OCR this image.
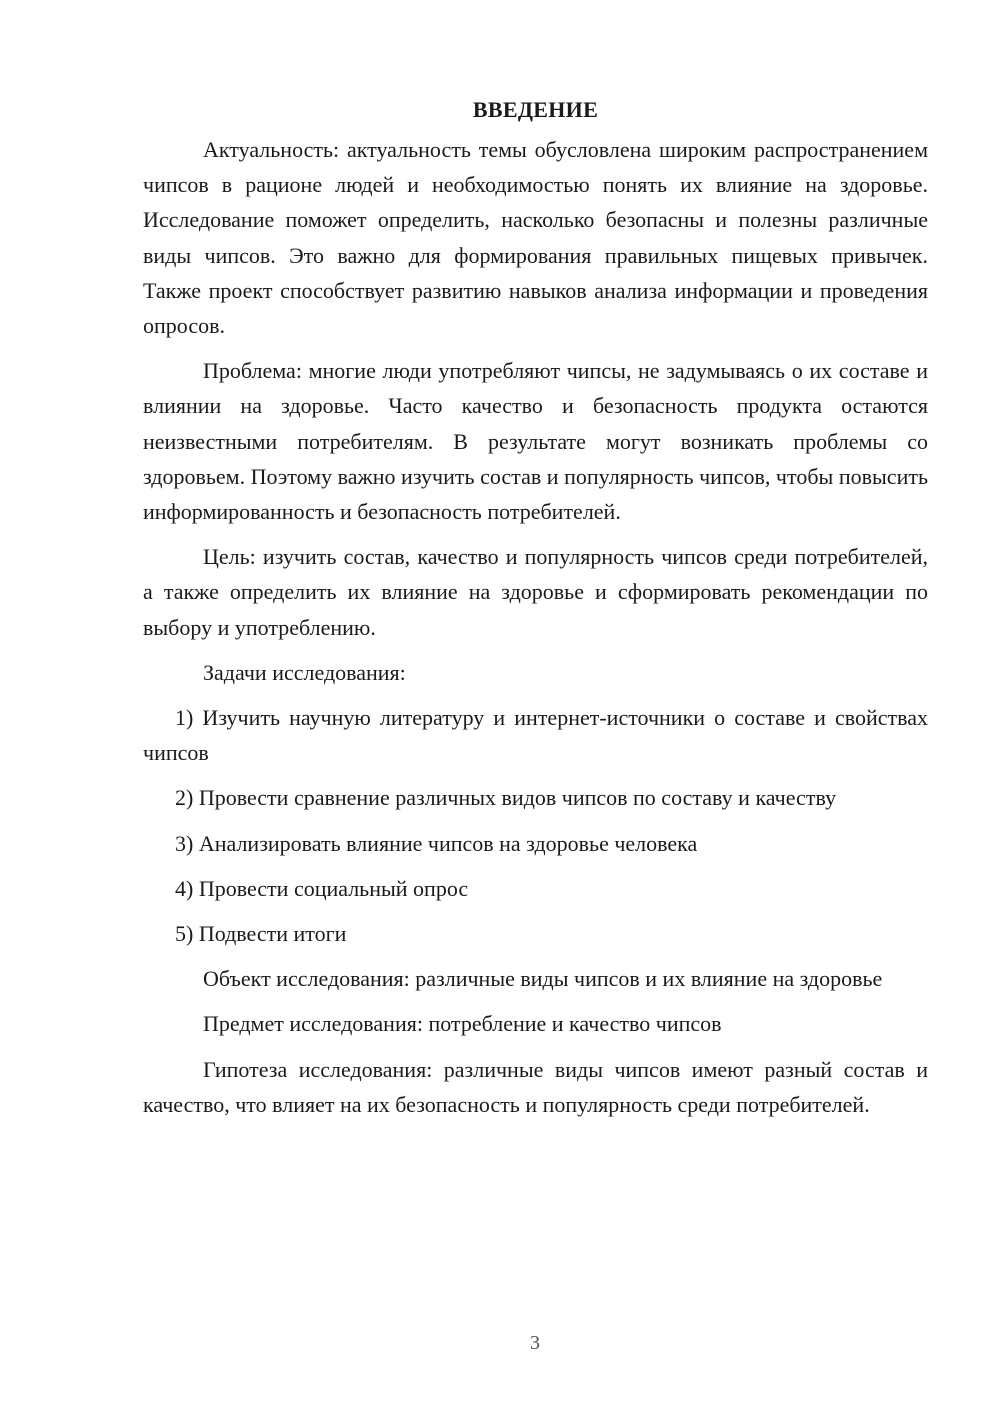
ВВЕДЕНИЕ

Актуальность: актуальность темы обусловлена широким распространением чипсов в рационе людей и необходимостью понять их влияние на здоровье. Исследование поможет определить, насколько безопасны и полезны различные виды чипсов. Это важно для формирования правильных пищевых привычек. Также проект способствует развитию навыков анализа информации и проведения опросов.

Проблема: многие люди употребляют чипсы, не задумываясь о их составе и влиянии на здоровье. Часто качество и безопасность продукта остаются неизвестными потребителям. В результате могут возникать проблемы со здоровьем. Поэтому важно изучить состав и популярность чипсов, чтобы повысить информированность и безопасность потребителей.

Цель: изучить состав, качество и популярность чипсов среди потребителей, а также определить их влияние на здоровье и сформировать рекомендации по выбору и употреблению.

Задачи исследования:

1) Изучить научную литературу и интернет-источники о составе и свойствах чипсов

2) Провести сравнение различных видов чипсов по составу и качеству

3) Анализировать влияние чипсов на здоровье человека

4) Провести социальный опрос

5) Подвести итоги

Объект исследования: различные виды чипсов и их влияние на здоровье

Предмет исследования: потребление и качество чипсов

Гипотеза исследования: различные виды чипсов имеют разный состав и качество, что влияет на их безопасность и популярность среди потребителей.

3
